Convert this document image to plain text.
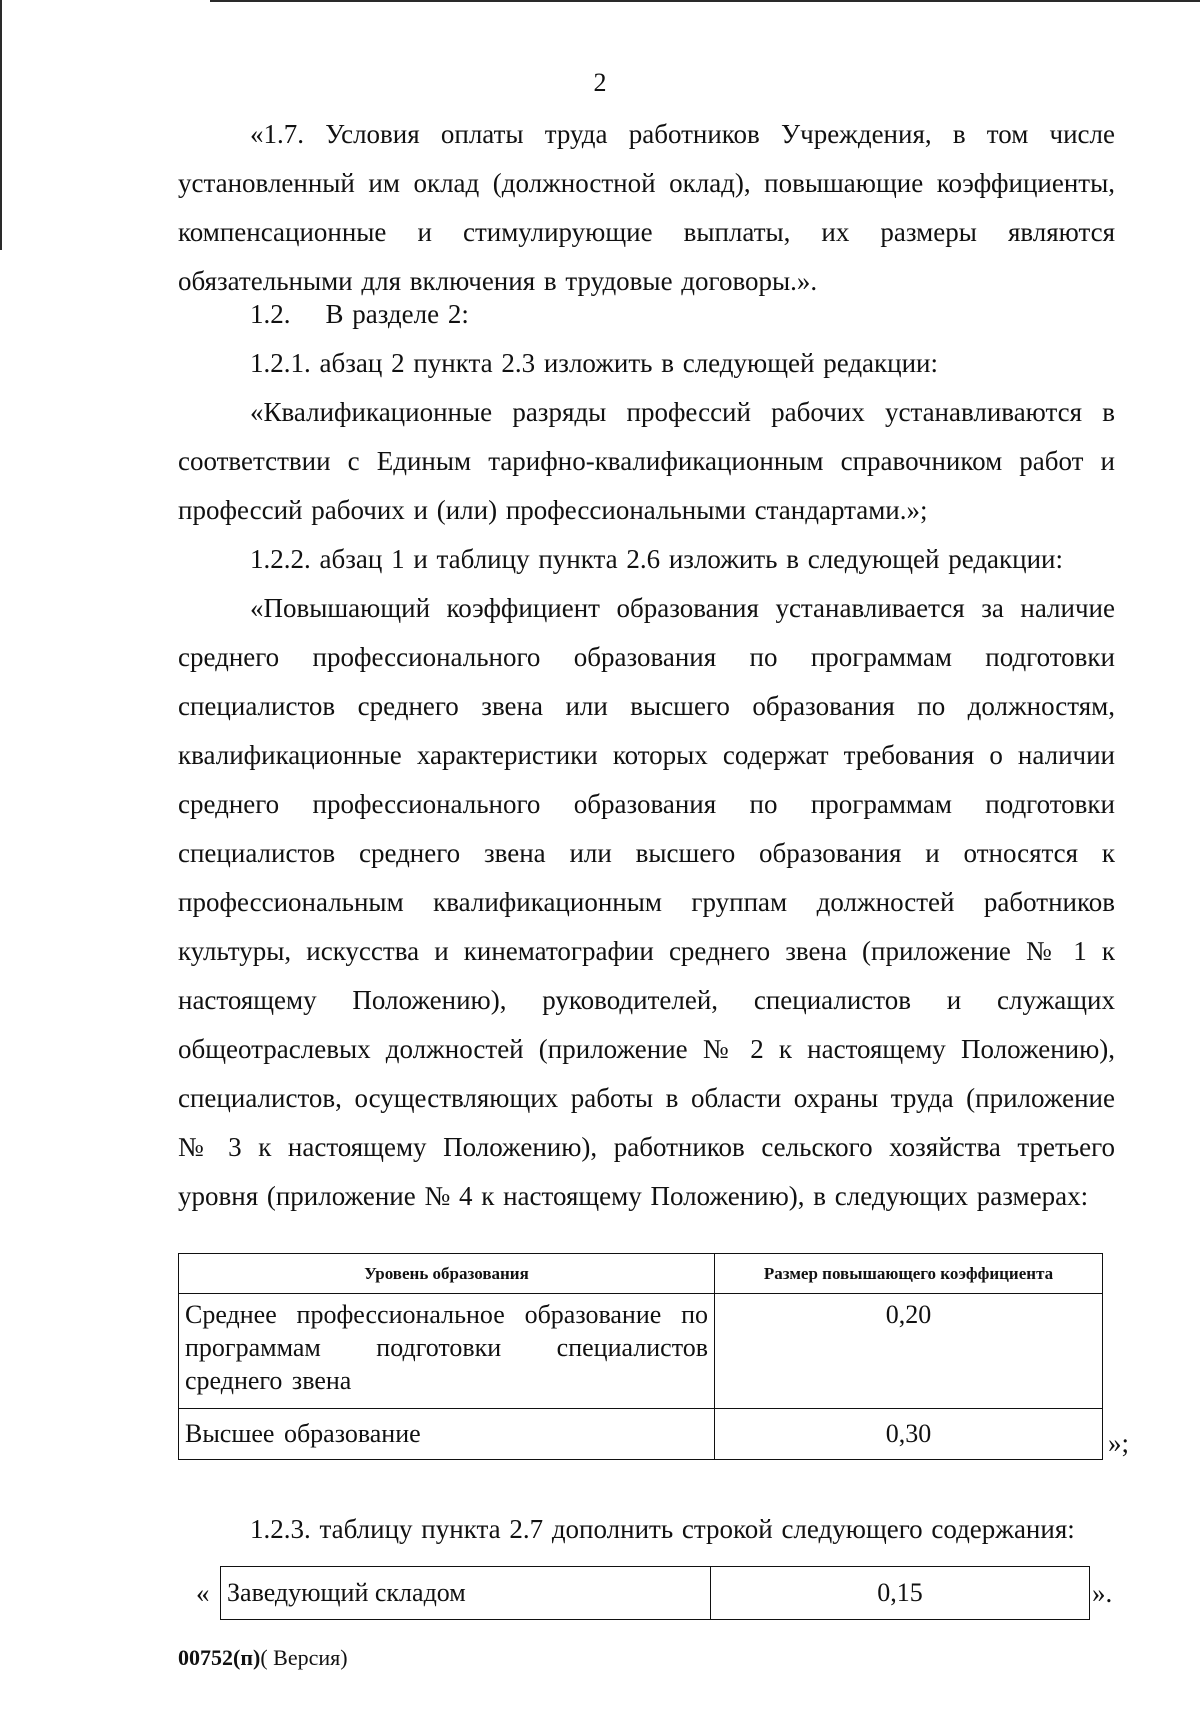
2

«1.7. Условия оплаты труда работников Учреждения, в том числе установленный им оклад (должностной оклад), повышающие коэффициенты, компенсационные и стимулирующие выплаты, их размеры являются обязательными для включения в трудовые договоры.».

1.2.    В разделе 2:

1.2.1. абзац 2 пункта 2.3 изложить в следующей редакции:

«Квалификационные разряды профессий рабочих устанавливаются в соответствии с Единым тарифно-квалификационным справочником работ и профессий рабочих и (или) профессиональными стандартами.»;

1.2.2. абзац 1 и таблицу пункта 2.6 изложить в следующей редакции:

«Повышающий коэффициент образования устанавливается за наличие среднего профессионального образования по программам подготовки специалистов среднего звена или высшего образования по должностям, квалификационные характеристики которых содержат требования о наличии среднего профессионального образования по программам подготовки специалистов среднего звена или высшего образования и относятся к профессиональным квалификационным группам должностей работников культуры, искусства и кинематографии среднего звена (приложение № 1 к настоящему Положению), руководителей, специалистов и служащих общеотраслевых должностей (приложение № 2 к настоящему Положению), специалистов, осуществляющих работы в области охраны труда (приложение № 3 к настоящему Положению), работников сельского хозяйства третьего уровня (приложение № 4 к настоящему Положению), в следующих размерах:

Уровень образования	Размер повышающего коэффициента
Среднее профессиональное образование по программам подготовки специалистов среднего звена	0,20
Высшее образование	0,30	»;

1.2.3. таблицу пункта 2.7 дополнить строкой следующего содержания:

« Заведующий складом	0,15	».
00752(п)( Версия)
